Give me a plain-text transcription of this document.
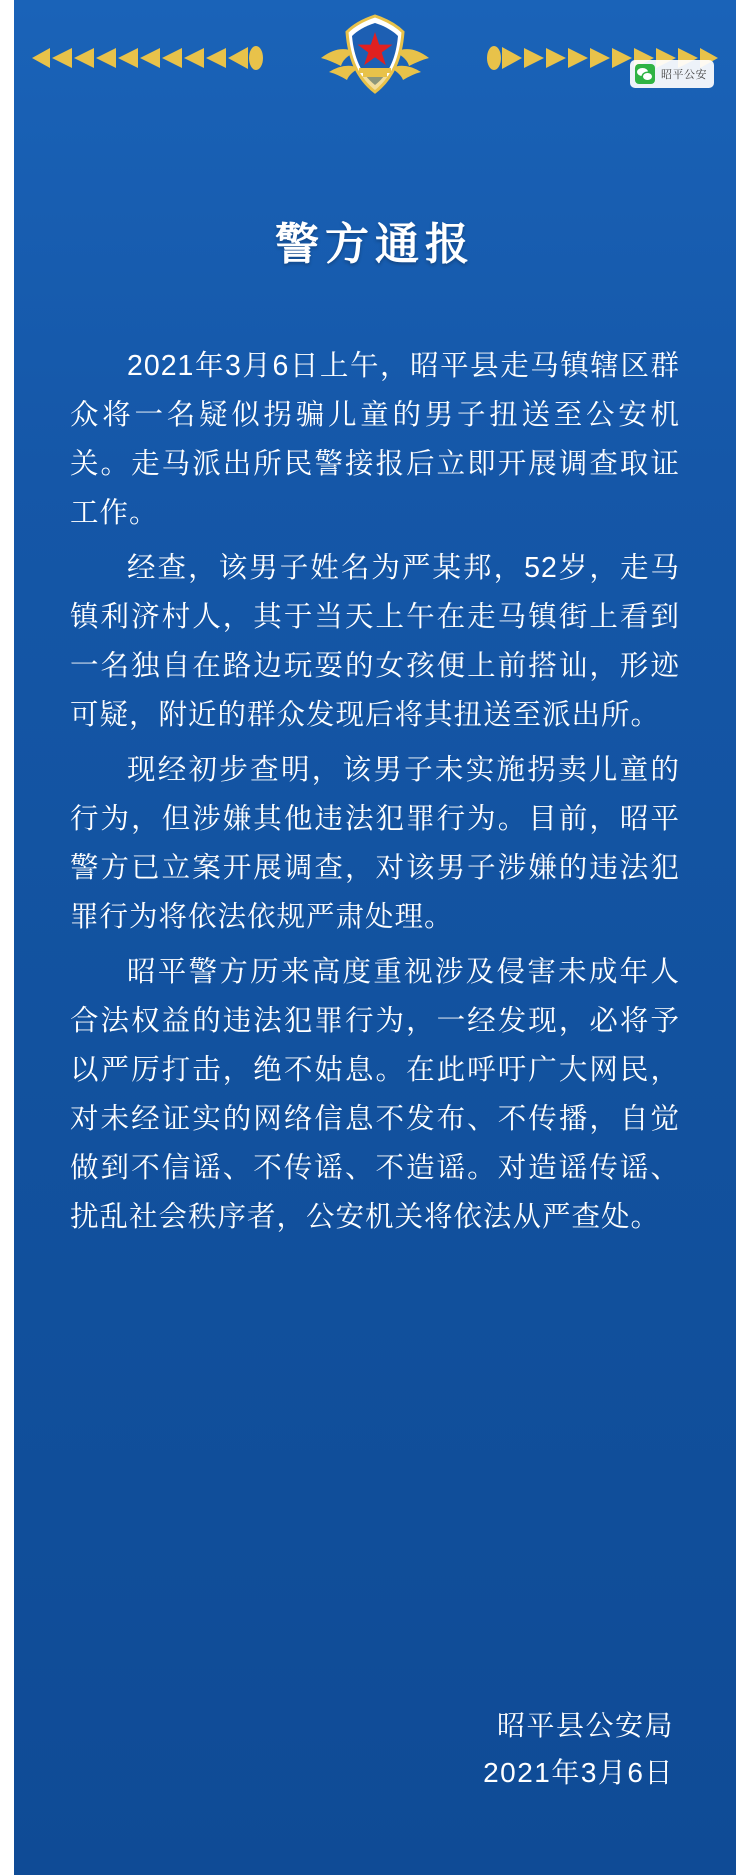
昭平公安
警方通报

2021年3月6日上午，昭平县走马镇辖区群众将一名疑似拐骗儿童的男子扭送至公安机关。走马派出所民警接报后立即开展调查取证工作。

经查，该男子姓名为严某邦，52岁，走马镇利济村人，其于当天上午在走马镇街上看到一名独自在路边玩耍的女孩便上前搭讪，形迹可疑，附近的群众发现后将其扭送至派出所。

现经初步查明，该男子未实施拐卖儿童的行为，但涉嫌其他违法犯罪行为。目前，昭平警方已立案开展调查，对该男子涉嫌的违法犯罪行为将依法依规严肃处理。

昭平警方历来高度重视涉及侵害未成年人合法权益的违法犯罪行为，一经发现，必将予以严厉打击，绝不姑息。在此呼吁广大网民，对未经证实的网络信息不发布、不传播，自觉做到不信谣、不传谣、不造谣。对造谣传谣、扰乱社会秩序者，公安机关将依法从严查处。

昭平县公安局
2021年3月6日
